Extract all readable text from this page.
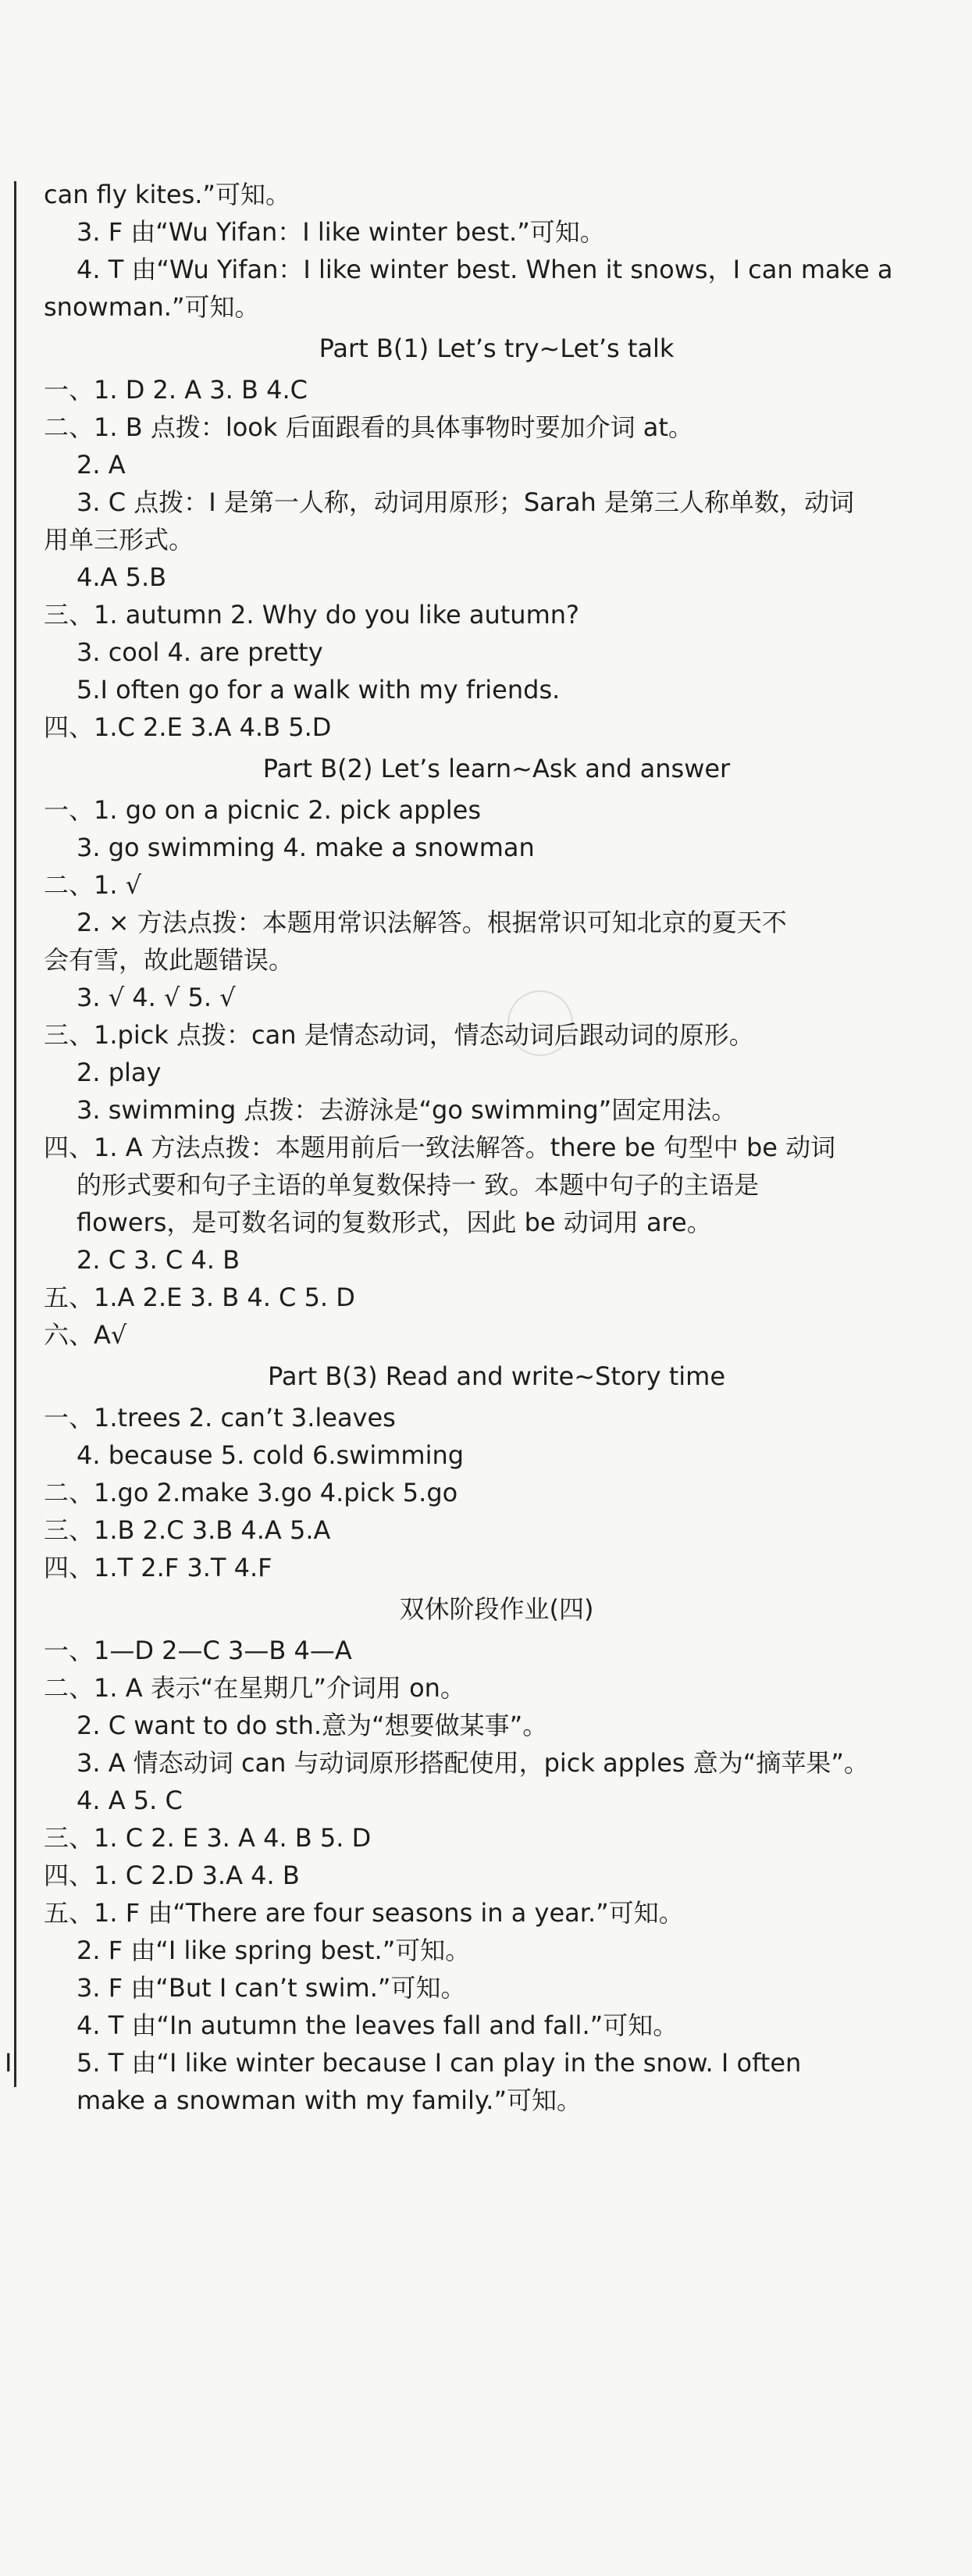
I
can fly kites.”可知。
3. F 由“Wu Yifan：I like winter best.”可知。
4. T 由“Wu Yifan：I like winter best. When it snows，I can make a
snowman.”可知。
Part B(1) Let’s try~Let’s talk
一、1. D 2. A 3. B 4.C
二、1. B 点拨：look 后面跟看的具体事物时要加介词 at。
2. A
3. C 点拨：I 是第一人称，动词用原形；Sarah 是第三人称单数，动词
用单三形式。
4.A 5.B
三、1. autumn 2. Why do you like autumn?
3. cool 4. are pretty
5.I often go for a walk with my friends.
四、1.C 2.E 3.A 4.B 5.D
Part B(2) Let’s learn~Ask and answer
一、1. go on a picnic 2. pick apples
3. go swimming 4. make a snowman
二、1. √
2. × 方法点拨：本题用常识法解答。根据常识可知北京的夏天不
会有雪，故此题错误。
3. √ 4. √ 5. √
三、1.pick 点拨：can 是情态动词，情态动词后跟动词的原形。
2. play
3. swimming 点拨：去游泳是“go swimming”固定用法。
四、1. A 方法点拨：本题用前后一致法解答。there be 句型中 be 动词
的形式要和句子主语的单复数保持一 致。本题中句子的主语是
flowers，是可数名词的复数形式，因此 be 动词用 are。
2. C 3. C 4. B
五、1.A 2.E 3. B 4. C 5. D
六、A√
Part B(3) Read and write~Story time
一、1.trees 2. can’t 3.leaves
4. because 5. cold 6.swimming
二、1.go 2.make 3.go 4.pick 5.go
三、1.B 2.C 3.B 4.A 5.A
四、1.T 2.F 3.T 4.F
双休阶段作业(四)
一、1—D 2—C 3—B 4—A
二、1. A 表示“在星期几”介词用 on。
2. C want to do sth.意为“想要做某事”。
3. A 情态动词 can 与动词原形搭配使用，pick apples 意为“摘苹果”。
4. A 5. C
三、1. C 2. E 3. A 4. B 5. D
四、1. C 2.D 3.A 4. B
五、1. F 由“There are four seasons in a year.”可知。
2. F 由“I like spring best.”可知。
3. F 由“But I can’t swim.”可知。
4. T 由“In autumn the leaves fall and fall.”可知。
5. T 由“I like winter because I can play in the snow. I often
make a snowman with my family.”可知。
